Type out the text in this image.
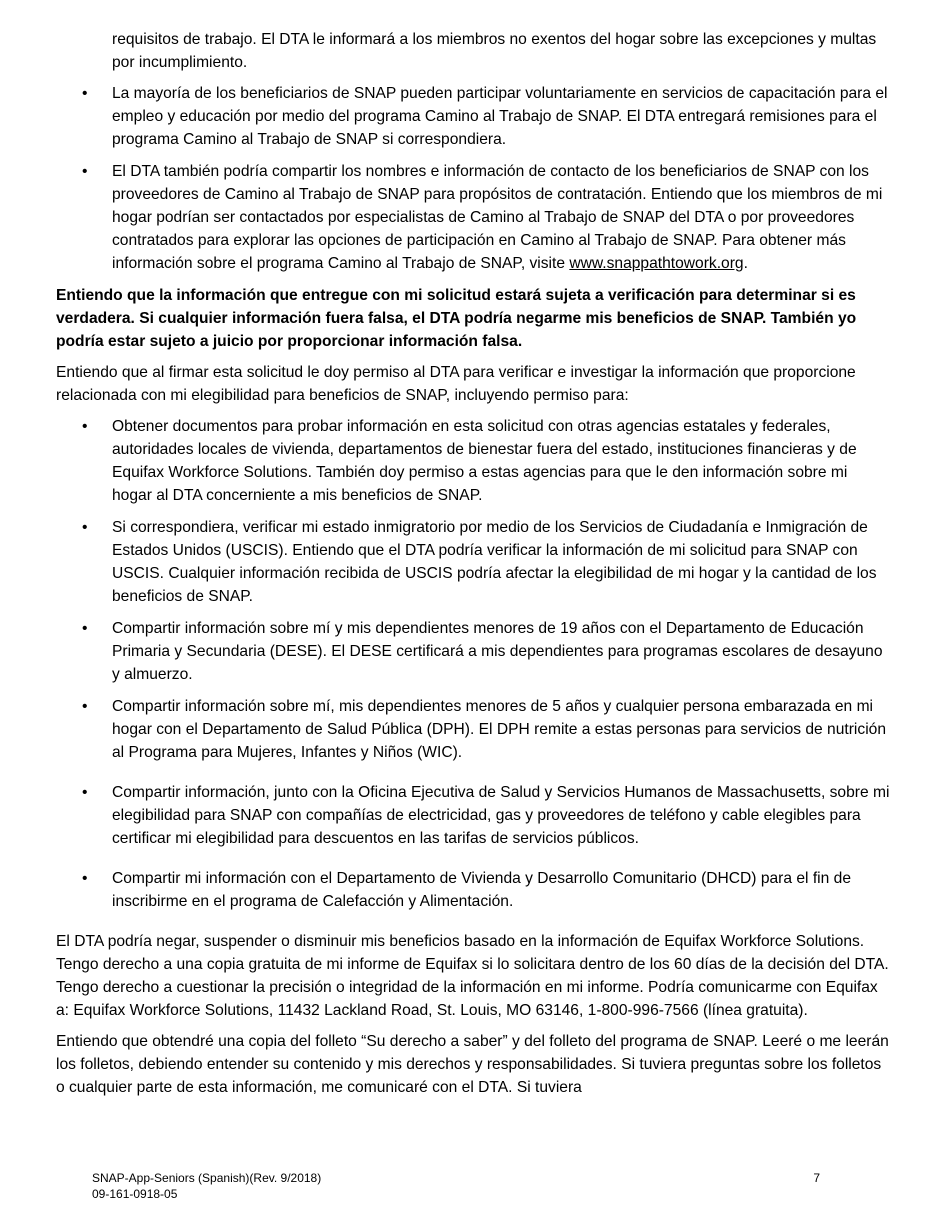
requisitos de trabajo. El DTA le informará a los miembros no exentos del hogar sobre las excepciones y multas por incumplimiento.

• La mayoría de los beneficiarios de SNAP pueden participar voluntariamente en servicios de capacitación para el empleo y educación por medio del programa Camino al Trabajo de SNAP. El DTA entregará remisiones para el programa Camino al Trabajo de SNAP si correspondiera.
• El DTA también podría compartir los nombres e información de contacto de los beneficiarios de SNAP con los proveedores de Camino al Trabajo de SNAP para propósitos de contratación. Entiendo que los miembros de mi hogar podrían ser contactados por especialistas de Camino al Trabajo de SNAP del DTA o por proveedores contratados para explorar las opciones de participación en Camino al Trabajo de SNAP. Para obtener más información sobre el programa Camino al Trabajo de SNAP, visite www.snappathtowork.org.

Entiendo que la información que entregue con mi solicitud estará sujeta a verificación para determinar si es verdadera. Si cualquier información fuera falsa, el DTA podría negarme mis beneficios de SNAP. También yo podría estar sujeto a juicio por proporcionar información falsa.

Entiendo que al firmar esta solicitud le doy permiso al DTA para verificar e investigar la información que proporcione relacionada con mi elegibilidad para beneficios de SNAP, incluyendo permiso para:

• Obtener documentos para probar información en esta solicitud con otras agencias estatales y federales, autoridades locales de vivienda, departamentos de bienestar fuera del estado, instituciones financieras y de Equifax Workforce Solutions. También doy permiso a estas agencias para que le den información sobre mi hogar al DTA concerniente a mis beneficios de SNAP.
• Si correspondiera, verificar mi estado inmigratorio por medio de los Servicios de Ciudadanía e Inmigración de Estados Unidos (USCIS). Entiendo que el DTA podría verificar la información de mi solicitud para SNAP con USCIS. Cualquier información recibida de USCIS podría afectar la elegibilidad de mi hogar y la cantidad de los beneficios de SNAP.
• Compartir información sobre mí y mis dependientes menores de 19 años con el Departamento de Educación Primaria y Secundaria (DESE). El DESE certificará a mis dependientes para programas escolares de desayuno y almuerzo.
• Compartir información sobre mí, mis dependientes menores de 5 años y cualquier persona embarazada en mi hogar con el Departamento de Salud Pública (DPH). El DPH remite a estas personas para servicios de nutrición al Programa para Mujeres, Infantes y Niños (WIC).
• Compartir información, junto con la Oficina Ejecutiva de Salud y Servicios Humanos de Massachusetts, sobre mi elegibilidad para SNAP con compañías de electricidad, gas y proveedores de teléfono y cable elegibles para certificar mi elegibilidad para descuentos en las tarifas de servicios públicos.
• Compartir mi información con el Departamento de Vivienda y Desarrollo Comunitario (DHCD) para el fin de inscribirme en el programa de Calefacción y Alimentación.

El DTA podría negar, suspender o disminuir mis beneficios basado en la información de Equifax Workforce Solutions. Tengo derecho a una copia gratuita de mi informe de Equifax si lo solicitara dentro de los 60 días de la decisión del DTA. Tengo derecho a cuestionar la precisión o integridad de la información en mi informe. Podría comunicarme con Equifax a: Equifax Workforce Solutions, 11432 Lackland Road, St. Louis, MO 63146, 1-800-996-7566 (línea gratuita).

Entiendo que obtendré una copia del folleto “Su derecho a saber” y del folleto del programa de SNAP. Leeré o me leerán los folletos, debiendo entender su contenido y mis derechos y responsabilidades. Si tuviera preguntas sobre los folletos o cualquier parte de esta información, me comunicaré con el DTA. Si tuviera

SNAP-App-Seniors (Spanish)(Rev. 9/2018)
09-161-0918-05
7
